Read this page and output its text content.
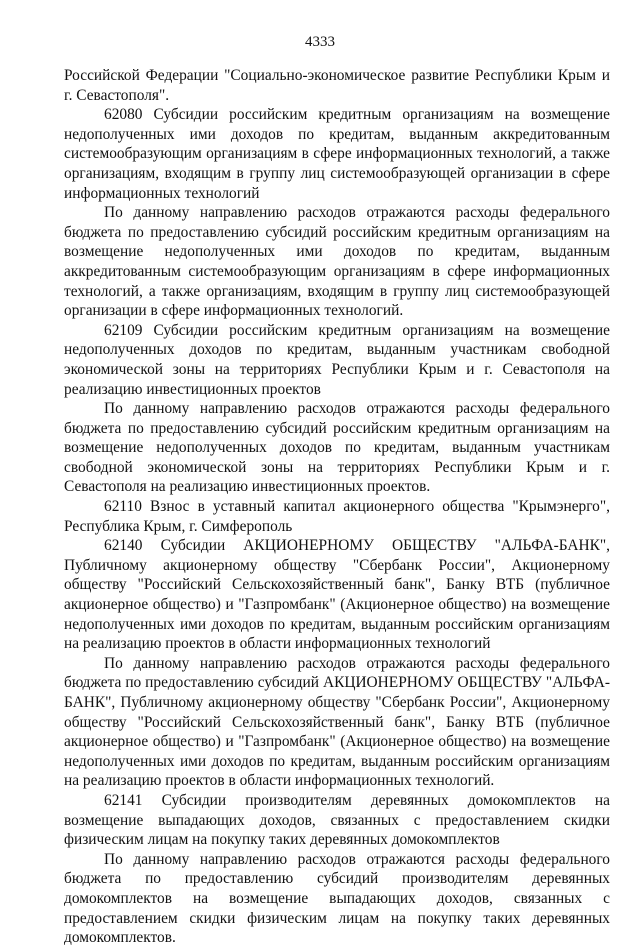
4333

Российской Федерации "Социально-экономическое развитие Республики Крым и г. Севастополя".

62080 Субсидии российским кредитным организациям на возмещение недополученных ими доходов по кредитам, выданным аккредитованным системообразующим организациям в сфере информационных технологий, а также организациям, входящим в группу лиц системообразующей организации в сфере информационных технологий

По данному направлению расходов отражаются расходы федерального бюджета по предоставлению субсидий российским кредитным организациям на возмещение недополученных ими доходов по кредитам, выданным аккредитованным системообразующим организациям в сфере информационных технологий, а также организациям, входящим в группу лиц системообразующей организации в сфере информационных технологий.

62109 Субсидии российским кредитным организациям на возмещение недополученных доходов по кредитам, выданным участникам свободной экономической зоны на территориях Республики Крым и г. Севастополя на реализацию инвестиционных проектов

По данному направлению расходов отражаются расходы федерального бюджета по предоставлению субсидий российским кредитным организациям на возмещение недополученных доходов по кредитам, выданным участникам свободной экономической зоны на территориях Республики Крым и г. Севастополя на реализацию инвестиционных проектов.

62110 Взнос в уставный капитал акционерного общества "Крымэнерго", Республика Крым, г. Симферополь

62140 Субсидии АКЦИОНЕРНОМУ ОБЩЕСТВУ "АЛЬФА-БАНК", Публичному акционерному обществу "Сбербанк России", Акционерному обществу "Российский Сельскохозяйственный банк", Банку ВТБ (публичное акционерное общество) и "Газпромбанк" (Акционерное общество) на возмещение недополученных ими доходов по кредитам, выданным российским организациям на реализацию проектов в области информационных технологий

По данному направлению расходов отражаются расходы федерального бюджета по предоставлению субсидий АКЦИОНЕРНОМУ ОБЩЕСТВУ "АЛЬФА-БАНК", Публичному акционерному обществу "Сбербанк России", Акционерному обществу "Российский Сельскохозяйственный банк", Банку ВТБ (публичное акционерное общество) и "Газпромбанк" (Акционерное общество) на возмещение недополученных ими доходов по кредитам, выданным российским организациям на реализацию проектов в области информационных технологий.

62141 Субсидии производителям деревянных домокомплектов на возмещение выпадающих доходов, связанных с предоставлением скидки физическим лицам на покупку таких деревянных домокомплектов

По данному направлению расходов отражаются расходы федерального бюджета по предоставлению субсидий производителям деревянных домокомплектов на возмещение выпадающих доходов, связанных с предоставлением скидки физическим лицам на покупку таких деревянных домокомплектов.
